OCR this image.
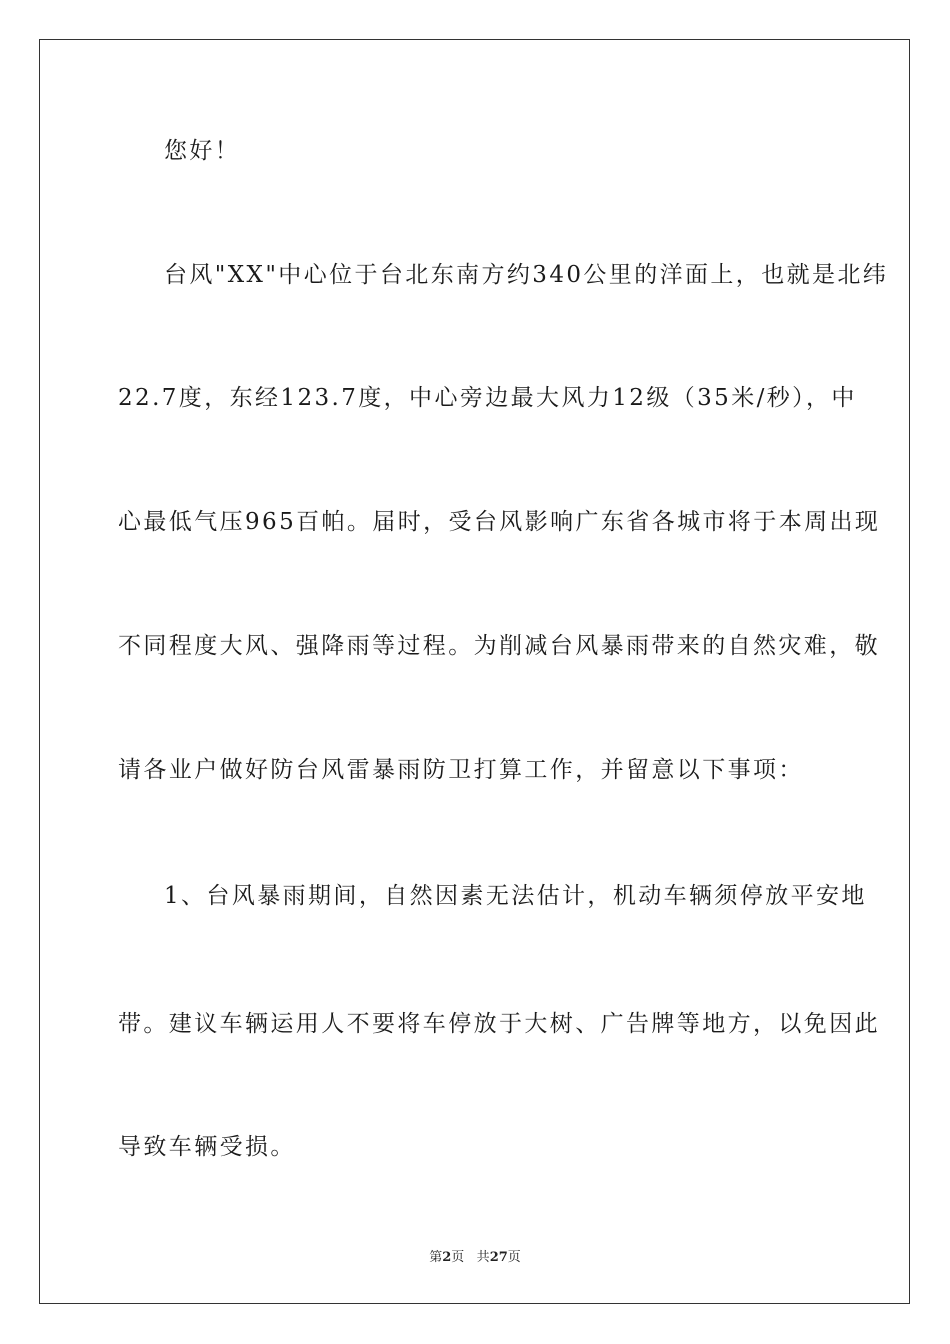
您好！
台风"XX"中心位于台北东南方约340公里的洋面上，也就是北纬
22.7度，东经123.7度，中心旁边最大风力12级（35米/秒），中
心最低气压965百帕。届时，受台风影响广东省各城市将于本周出现
不同程度大风、强降雨等过程。为削减台风暴雨带来的自然灾难，敬
请各业户做好防台风雷暴雨防卫打算工作，并留意以下事项：
1、台风暴雨期间，自然因素无法估计，机动车辆须停放平安地
带。建议车辆运用人不要将车停放于大树、广告牌等地方，以免因此
导致车辆受损。
第2页 共27页
